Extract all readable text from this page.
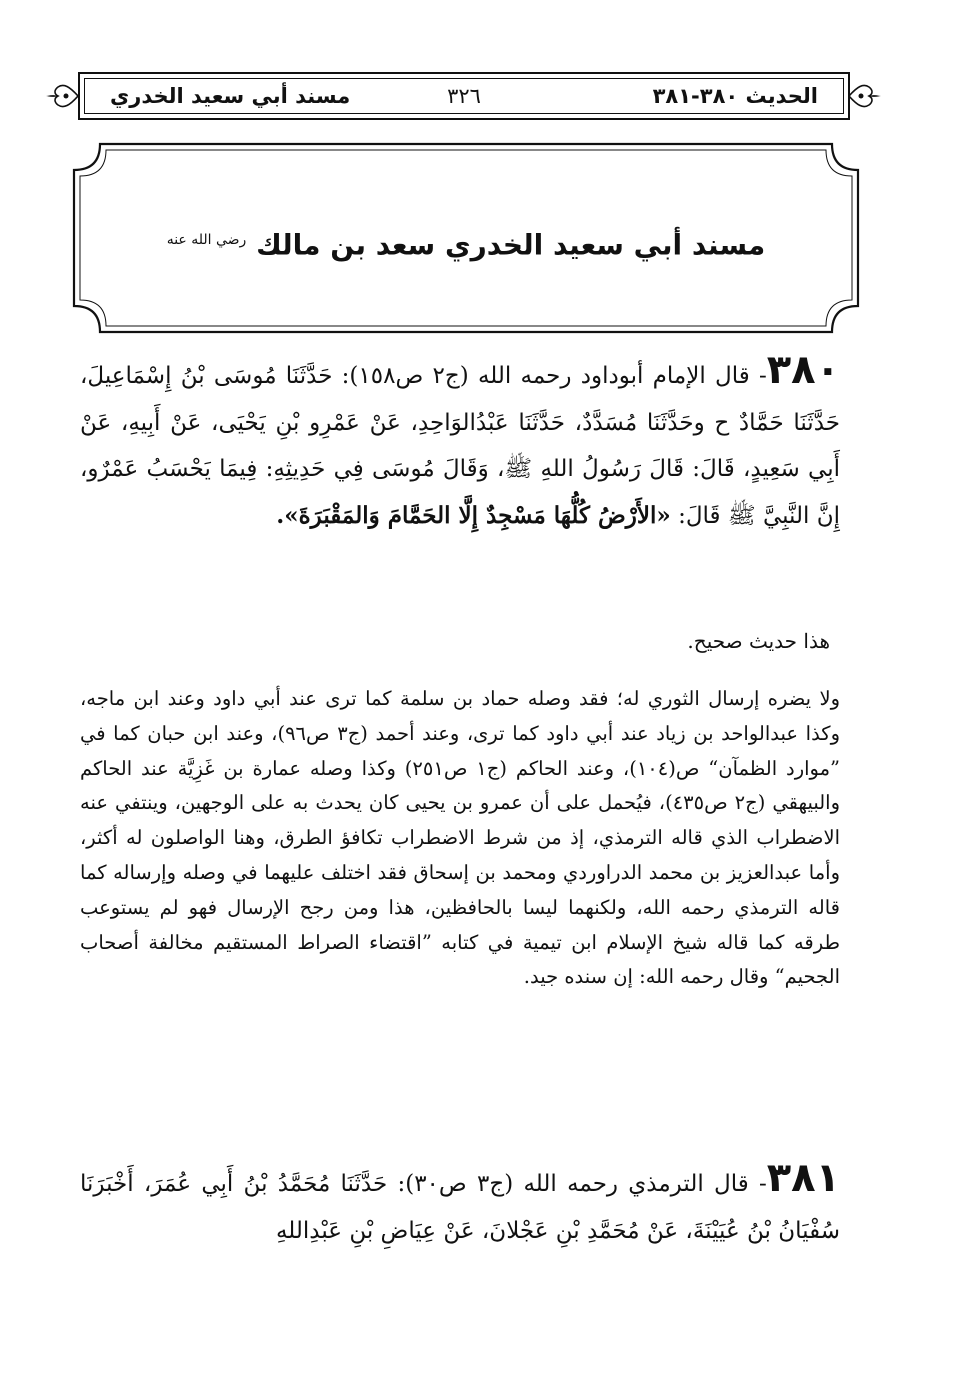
الحديث ٣٨٠-٣٨١
٣٢٦
مسند أبي سعيد الخدري
مسند أبي سعيد الخدري سعد بن مالك $^{رضي الله عنه}$

٣٨٠- قال الإمام أبوداود رحمه الله (ج٢ ص١٥٨): حَدَّثَنَا مُوسَى بْنُ إِسْمَاعِيلَ، حَدَّثَنَا حَمَّادٌ ح وحَدَّثَنَا مُسَدَّدٌ، حَدَّثَنَا عَبْدُالوَاحِدِ، عَنْ عَمْرِو بْنِ يَحْيَى، عَنْ أَبِيهِ، عَنْ أَبِي سَعِيدٍ، قَالَ: قَالَ رَسُولُ اللهِ ﷺ، وَقَالَ مُوسَى فِي حَدِيثِهِ: فِيمَا يَحْسَبُ عَمْرٌو، إِنَّ النَّبِيَّ ﷺ قَالَ: «الأَرْضُ كُلُّهَا مَسْجِدٌ إِلَّا الحَمَّامَ وَالمَقْبَرَةَ».

هذا حديث صحيح.

ولا يضره إرسال الثوري له؛ فقد وصله حماد بن سلمة كما ترى عند أبي داود وعند ابن ماجه، وكذا عبدالواحد بن زياد عند أبي داود كما ترى، وعند أحمد (ج٣ ص٩٦)، وعند ابن حبان كما في ”موارد الظمآن“ ص(١٠٤)، وعند الحاكم (ج١ ص٢٥١) وكذا وصله عمارة بن غَزِيَّة عند الحاكم والبيهقي (ج٢ ص٤٣٥)، فيُحمل على أن عمرو بن يحيى كان يحدث به على الوجهين، وينتفي عنه الاضطراب الذي قاله الترمذي، إذ من شرط الاضطراب تكافؤ الطرق، وهنا الواصلون له أكثر، وأما عبدالعزيز بن محمد الدراوردي ومحمد بن إسحاق فقد اختلف عليهما في وصله وإرساله كما قاله الترمذي رحمه الله، ولكنهما ليسا بالحافظين، هذا ومن رجح الإرسال فهو لم يستوعب طرقه كما قاله شيخ الإسلام ابن تيمية في كتابه ”اقتضاء الصراط المستقيم مخالفة أصحاب الجحيم“ وقال رحمه الله: إن سنده جيد.

٣٨١- قال الترمذي رحمه الله (ج٣ ص٣٠): حَدَّثَنَا مُحَمَّدُ بْنُ أَبِي عُمَرَ، أَخْبَرَنَا سُفْيَانُ بْنُ عُيَيْنَةَ، عَنْ مُحَمَّدِ بْنِ عَجْلانَ، عَنْ عِيَاضِ بْنِ عَبْدِاللهِ
